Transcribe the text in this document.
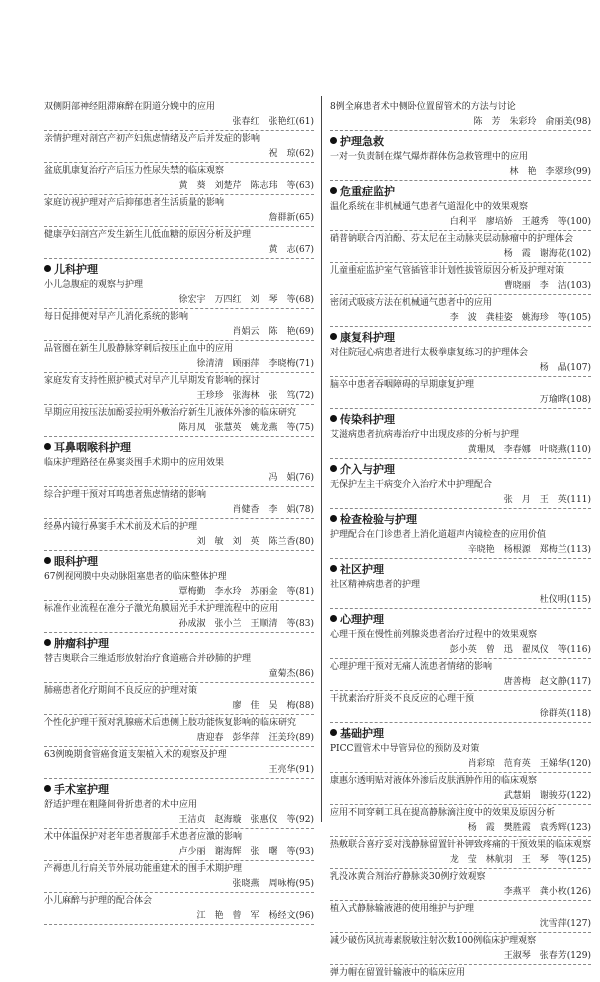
双侧阴部神经阻滞麻醉在阴道分娩中的应用
张春红　张艳红(61)
亲情护理对剖宫产初产妇焦虑情绪及产后并发症的影响
祝　琼(62)
盆底肌康复治疗产后压力性尿失禁的临床观察
黄　葵　刘楚芹　陈志玮　等(63)
家庭访视护理对产后抑郁患者生活质量的影响
詹群新(65)
健康孕妇剖宫产发生新生儿低血糖的原因分析及护理
黄　志(67)
儿科护理
小儿急腹症的观察与护理
徐宏宇　万四红　刘　琴　等(68)
每日促排便对早产儿消化系统的影响
肖娟云　陈　艳(69)
品管圈在新生儿股静脉穿刺后按压止血中的应用
徐清清　顾丽萍　李晓梅(71)
家庭发育支持性照护模式对早产儿早期发育影响的探讨
王珍珍　张海林　张　笃(72)
早期应用按压法加酚妥拉明外敷治疗新生儿液体外渗的临床研究
陈月凤　张慧英　姚龙燕　等(75)
耳鼻咽喉科护理
临床护理路径在鼻窦炎围手术期中的应用效果
冯　娟(76)
综合护理干预对耳鸣患者焦虑情绪的影响
肖健香　李　娟(78)
经鼻内镜行鼻窦手术术前及术后的护理
刘　敏　刘　英　陈兰香(80)
眼科护理
67例视网膜中央动脉阻塞患者的临床整体护理
覃梅勤　李水玲　苏丽金　等(81)
标准作业流程在准分子激光角膜屈光手术护理流程中的应用
孙成淑　张小兰　王顺清　等(83)
肿瘤科护理
替吉奥联合三维适形放射治疗食道癌合并砂肺的护理
童菊杰(86)
肺癌患者化疗期间不良反应的护理对策
廖　佳　吴　梅(88)
个性化护理干预对乳腺癌术后患侧上肢功能恢复影响的临床研究
唐迎春　彭华萍　汪美玲(89)
63例晚期食管癌食道支架植入术的观察及护理
王亮华(91)
手术室护理
舒适护理在粗隆间骨折患者的术中应用
王洁贞　赵海璇　张惠仪　等(92)
术中体温保护对老年患者腹部手术患者应激的影响
卢少丽　谢海辉　张　曙　等(93)
产褥患儿行肩关节外展功能重建术的围手术期护理
张晓燕　周咏梅(95)
小儿麻醉与护理的配合体会
江　艳　曾　军　杨经文(96)
8例全麻患者术中侧卧位置留管术的方法与讨论
陈　芳　朱彩玲　俞丽美(98)
护理急救
一对一负责制在煤气爆炸群体伤急救管理中的应用
林　艳　李翠珍(99)
危重症监护
温化系统在非机械通气患者气道湿化中的效果观察
白利平　廖培娇　王越秀　等(100)
硝普钠联合丙泊酚、芬太尼在主动脉夹层动脉瘤中的护理体会
杨　霞　谢海花(102)
儿童重症监护室气管插管非计划性拔管原因分析及护理对策
曹晓丽　李　洁(103)
密闭式吸痰方法在机械通气患者中的应用
李　波　龚桂姿　姚海珍　等(105)
康复科护理
对住院冠心病患者进行太极拳康复练习的护理体会
杨　晶(107)
脑卒中患者吞咽障碍的早期康复护理
万瑜晔(108)
传染科护理
艾滋病患者抗病毒治疗中出现皮疹的分析与护理
黄珊凤　李春娜　叶晓燕(110)
介入与护理
无保护左主干病变介入治疗术中护理配合
张　月　王　英(111)
检查检验与护理
护理配合在门诊患者上消化道超声内镜检查的应用价值
辛晓艳　杨根源　郑梅兰(113)
社区护理
社区精神病患者的护理
杜仪明(115)
心理护理
心理干预在慢性前列腺炎患者治疗过程中的效果观察
彭小英　曾　迅　翟凤仪　等(116)
心理护理干预对无痛人流患者情绪的影响
唐善梅　赵文静(117)
干扰素治疗肝炎不良反应的心理干预
徐群英(118)
基础护理
PICC置管术中导管异位的预防及对策
肖彩琼　范育英　王娣华(120)
康惠尔透明贴对液体外渗后皮肤洒肿作用的临床观察
武慧娟　谢骏芬(122)
应用不同穿刺工具在提高静脉滴注度中的效果及原因分析
杨　霞　樊胜霞　袁秀辉(123)
热敷联合喜疗妥对浅静脉留置针补钾致疼痛的干预效果的临床观察
龙　莹　林航羽　王　琴　等(125)
乳没冰黄合剂治疗静脉炎30例疗效观察
李燕平　龚小枚(126)
植入式静脉输液港的使用维护与护理
沈雪萍(127)
减少破伤风抗毒素脱敏注射次数100例临床护理观察
王淑琴　张春芳(129)
弹力帽在留置针输液中的临床应用
